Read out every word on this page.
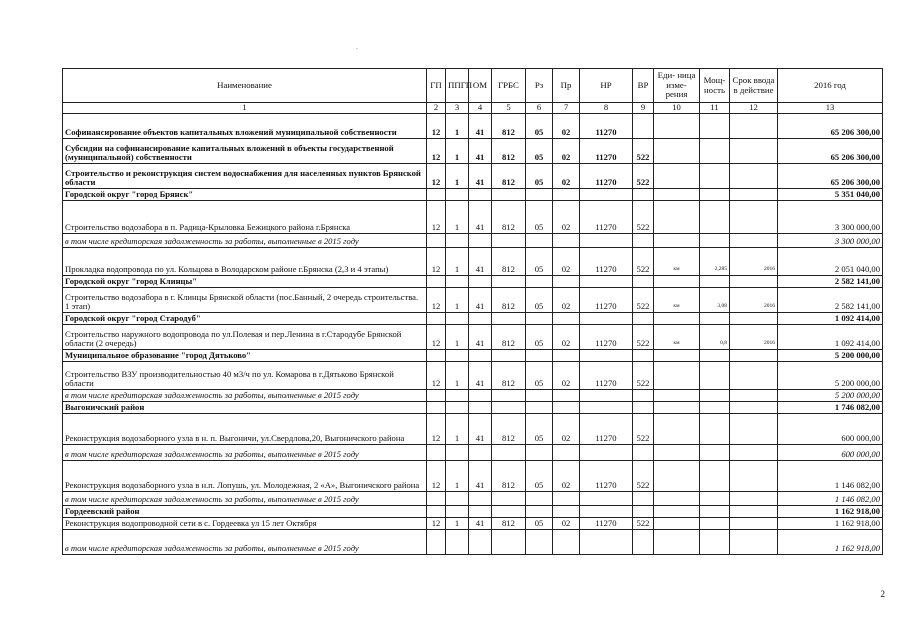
.
Наименование	ГП	ППГП	ОМ	ГРБС	Рз	Пр	НР	ВР	Еди- ница изме- рения	Мощ- ность	Срок ввода в действие	2016 год
1	2	3	4	5	6	7	8	9	10	11	12	13
Софинансирование объектов капитальных вложений муниципальной собственности	12	1	41	812	05	02	11270					65 206 300,00
Субсидии на софинансирование капитальных вложений в объекты государственной (муниципальной) собственности	12	1	41	812	05	02	11270	522				65 206 300,00
Строительство и реконструкция систем водоснабжения для населенных пунктов Брянской области	12	1	41	812	05	02	11270	522				65 206 300,00
Городской округ "город Брянск"												5 351 040,00
Строительство водозабора в п. Радица-Крыловка Бежицкого района г.Брянска	12	1	41	812	05	02	11270	522				3 300 000,00
в том числе кредиторская задолженность за работы, выполненные в 2015 году												3 300 000,00
Прокладка водопровода по ул. Кольцова в Володарском районе г.Брянска (2,3 и 4 этапы)	12	1	41	812	05	02	11270	522	км	2,285	2016	2 051 040,00
Городской округ "город Клинцы"												2 582 141,00
Строительство водозабора в г. Клинцы Брянской области (пос.Банный, 2 очередь строительства. 1 этап)	12	1	41	812	05	02	11270	522	км	3,08	2016	2 582 141,00
Городской округ "город Стародуб"												1 092 414,00
Строительство наружного водопровода по ул.Полевая и пер.Ленина в г.Стародубе Брянской области (2 очередь)	12	1	41	812	05	02	11270	522	км	0,8	2016	1 092 414,00
Муниципальное образование "город Дятьково"												5 200 000,00
Строительство ВЗУ производительностью 40 м3/ч по ул. Комарова в г.Дятьково Брянской области	12	1	41	812	05	02	11270	522				5 200 000,00
в том числе кредиторская задолженность за работы, выполненные в 2015 году												5 200 000,00
Выгоничский район												1 746 082,00
Реконструкция водозаборного узла в н. п. Выгоничи, ул.Свердлова,20, Выгоничского района	12	1	41	812	05	02	11270	522				600 000,00
в том числе кредиторская задолженность за работы, выполненные в 2015 году												600 000,00
Реконструкция водозаборного узла в н.п. Лопушь, ул. Молодежная, 2 «А», Выгоничского района	12	1	41	812	05	02	11270	522				1 146 082,00
в том числе кредиторская задолженность за работы, выполненные в 2015 году												1 146 082,00
Гордеевский район												1 162 918,00
Реконструкция водопроводной сети в с. Гордеевка ул 15 лет Октября	12	1	41	812	05	02	11270	522				1 162 918,00
в том числе кредиторская задолженность за работы, выполненные в 2015 году												1 162 918,00
2
